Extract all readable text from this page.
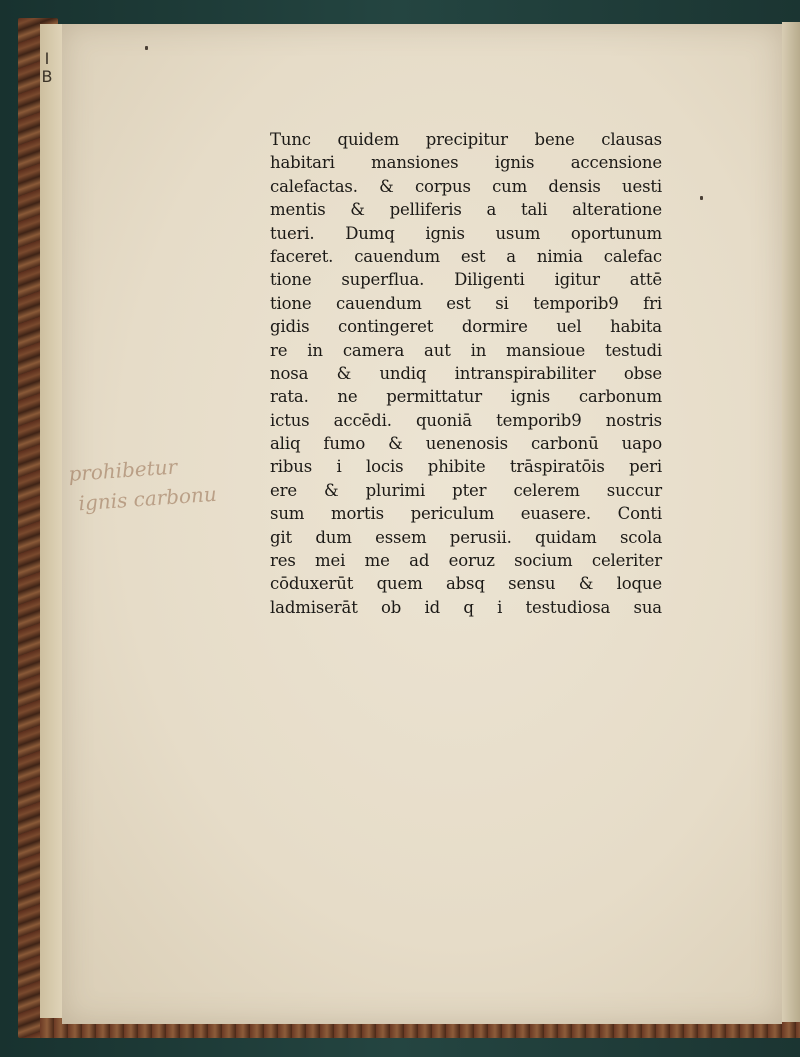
I
B
prohibetur
ignis carbonu
Tunc quidem precipitur bene clausas
habitari mansiones ignis accensione
calefactas. & corpus cum densis uesti
mentis & pelliferis a tali alteratione
tueri. Dumq ignis usum oportunum
faceret. cauendum est a nimia calefac
tione superflua. Diligenti igitur attē
tione cauendum est si temporib9 fri
gidis contingeret dormire uel habita
re in camera aut in mansioue testudi
nosa & undiq intranspirabiliter obse
rata. ne permittatur ignis carbonum
ictus accēdi. quoniā temporib9 nostris
aliq fumo & uenenosis carbonū uapo
ribus i locis phibite trāspiratōis peri
ere & plurimi pter celerem succur
sum mortis periculum euasere. Conti
git dum essem perusii. quidam scola
res mei me ad eoruz socium celeriter
cōduxerūt quem absq sensu & loque
ladmiserāt ob id q i testudiosa sua
